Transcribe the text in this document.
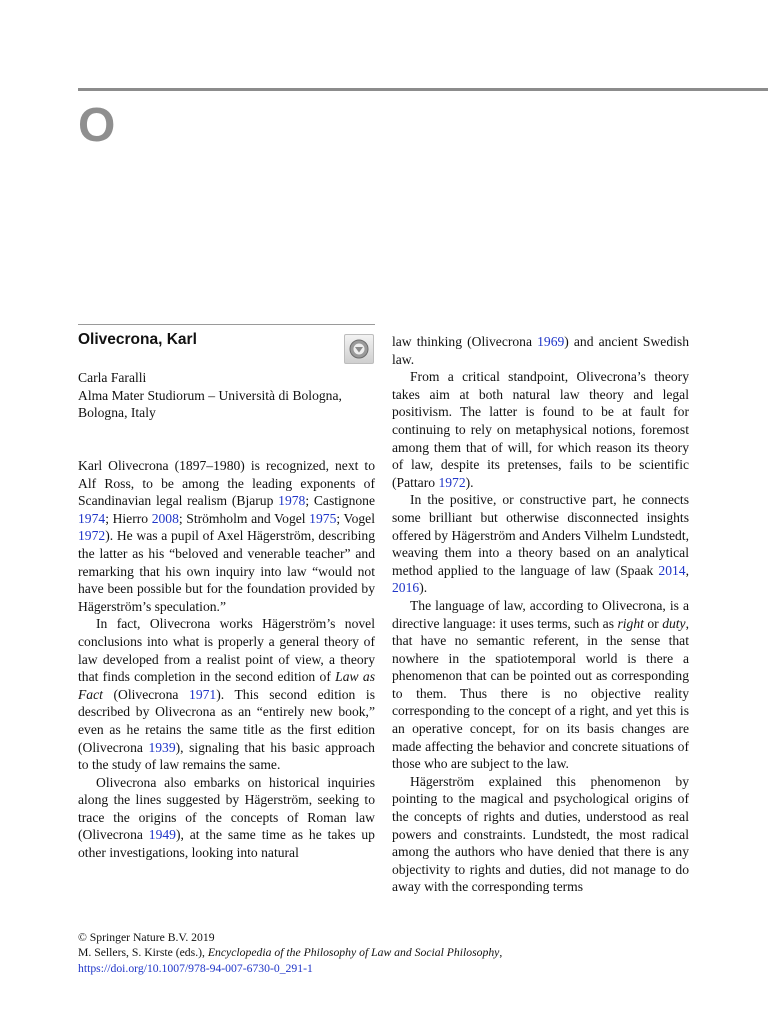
O
Olivecrona, Karl
Carla Faralli
Alma Mater Studiorum – Università di Bologna,
Bologna, Italy

Karl Olivecrona (1897–1980) is recognized, next to Alf Ross, to be among the leading exponents of Scandinavian legal realism (Bjarup 1978; Castignone 1974; Hierro 2008; Strömholm and Vogel 1975; Vogel 1972). He was a pupil of Axel Hägerström, describing the latter as his “beloved and venerable teacher” and remarking that his own inquiry into law “would not have been possible but for the foundation provided by Hägerström’s speculation.”

In fact, Olivecrona works Hägerström’s novel conclusions into what is properly a general theory of law developed from a realist point of view, a theory that finds completion in the second edition of Law as Fact (Olivecrona 1971). This second edition is described by Olivecrona as an “entirely new book,” even as he retains the same title as the first edition (Olivecrona 1939), signaling that his basic approach to the study of law remains the same.

Olivecrona also embarks on historical inquiries along the lines suggested by Hägerström, seeking to trace the origins of the concepts of Roman law (Olivecrona 1949), at the same time as he takes up other investigations, looking into natural

law thinking (Olivecrona 1969) and ancient Swedish law.

From a critical standpoint, Olivecrona’s theory takes aim at both natural law theory and legal positivism. The latter is found to be at fault for continuing to rely on metaphysical notions, foremost among them that of will, for which reason its theory of law, despite its pretenses, fails to be scientific (Pattaro 1972).

In the positive, or constructive part, he connects some brilliant but otherwise disconnected insights offered by Hägerström and Anders Vilhelm Lundstedt, weaving them into a theory based on an analytical method applied to the language of law (Spaak 2014, 2016).

The language of law, according to Olivecrona, is a directive language: it uses terms, such as right or duty, that have no semantic referent, in the sense that nowhere in the spatiotemporal world is there a phenomenon that can be pointed out as corresponding to them. Thus there is no objective reality corresponding to the concept of a right, and yet this is an operative concept, for on its basis changes are made affecting the behavior and concrete situations of those who are subject to the law.

Hägerström explained this phenomenon by pointing to the magical and psychological origins of the concepts of rights and duties, understood as real powers and constraints. Lundstedt, the most radical among the authors who have denied that there is any objectivity to rights and duties, did not manage to do away with the corresponding terms

© Springer Nature B.V. 2019
M. Sellers, S. Kirste (eds.), Encyclopedia of the Philosophy of Law and Social Philosophy,
https://doi.org/10.1007/978-94-007-6730-0_291-1
